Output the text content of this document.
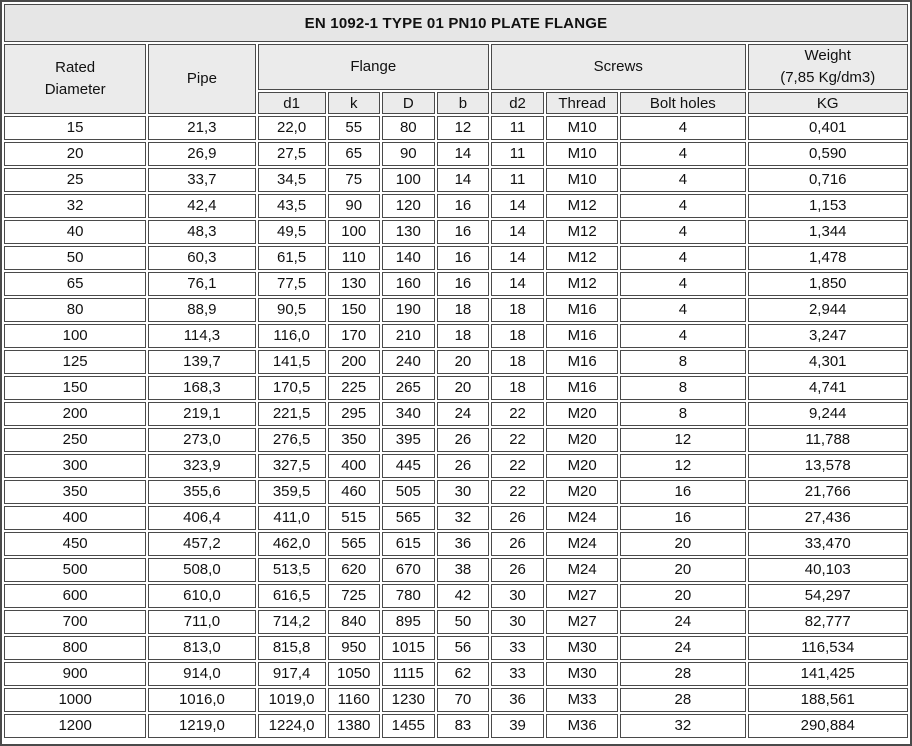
EN 1092-1 TYPE 01 PN10 PLATE FLANGE									

Rated
Diameter	Pipe	Flange				Screws			Weight
(7,85 Kg/dm3)

		d1	k	D	b	d2	Thread	Bolt holes	KG
15	21,3	22,0	55	80	12	11	M10	4	0,401
20	26,9	27,5	65	90	14	11	M10	4	0,590
25	33,7	34,5	75	100	14	11	M10	4	0,716
32	42,4	43,5	90	120	16	14	M12	4	1,153
40	48,3	49,5	100	130	16	14	M12	4	1,344
50	60,3	61,5	110	140	16	14	M12	4	1,478
65	76,1	77,5	130	160	16	14	M12	4	1,850
80	88,9	90,5	150	190	18	18	M16	4	2,944
100	114,3	116,0	170	210	18	18	M16	4	3,247
125	139,7	141,5	200	240	20	18	M16	8	4,301
150	168,3	170,5	225	265	20	18	M16	8	4,741
200	219,1	221,5	295	340	24	22	M20	8	9,244
250	273,0	276,5	350	395	26	22	M20	12	11,788
300	323,9	327,5	400	445	26	22	M20	12	13,578
350	355,6	359,5	460	505	30	22	M20	16	21,766
400	406,4	411,0	515	565	32	26	M24	16	27,436
450	457,2	462,0	565	615	36	26	M24	20	33,470
500	508,0	513,5	620	670	38	26	M24	20	40,103
600	610,0	616,5	725	780	42	30	M27	20	54,297
700	711,0	714,2	840	895	50	30	M27	24	82,777
800	813,0	815,8	950	1015	56	33	M30	24	116,534
900	914,0	917,4	1050	1115	62	33	M30	28	141,425
1000	1016,0	1019,0	1160	1230	70	36	M33	28	188,561
1200	1219,0	1224,0	1380	1455	83	39	M36	32	290,884
